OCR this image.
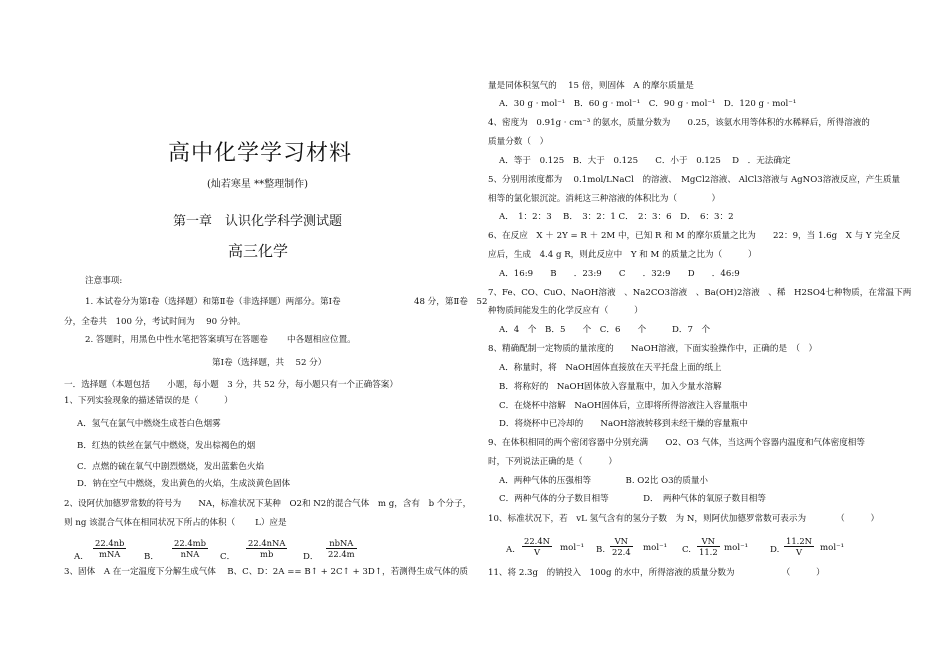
高中化学学习材料
(灿若寒星 **整理制作)
第一章　认识化学科学测试题
高三化学
注意事项:
1. 本试卷分为第Ⅰ卷（选择题）和第Ⅱ卷（非选择题）两部分。第Ⅰ卷	48 分，第Ⅱ卷　52
分，全卷共　100 分，考试时间为　 90 分钟。
2. 答题时，用黑色中性水笔把答案填写在答题卷 中各题相应位置。
第Ⅰ卷（选择题，共　 52 分）
一．选择题（本题包括　　小题，每小题　3 分，共 52 分，每小题只有一个正确答案）
1、下列实验现象的描述错误的是（　　　）
A．氢气在氯气中燃烧生成苍白色烟雾
B．红热的铁丝在氯气中燃烧，发出棕褐色的烟
C．点燃的硫在氧气中剧烈燃烧，发出蓝紫色火焰
D．钠在空气中燃烧，发出黄色的火焰，生成淡黄色固体
2、设阿伏加德罗常数的符号为　　NA，标准状况下某种　O2和 N2的混合气体　m g，含有　b 个分子，
则 ng 该混合气体在相同状况下所占的体积（　　 L）应是
A.
22.4nb
mNA	B．
22.4mb
nNA	C．
22.4nNA
mb	D．
nbNA
22.4m
3、固体　A 在一定温度下分解生成气体　 B、C、D：2A == B↑ + 2C↑ + 3D↑，若测得生成气体的质
量是同体积氢气的　 15 倍，则固体　A 的摩尔质量是
A．30 g · mol⁻¹　B．60 g · mol⁻¹　C．90 g · mol⁻¹　D．120 g · mol⁻¹
4、密度为　0.91g · cm⁻³ 的氨水，质量分数为　　0.25，该氨水用等体积的水稀释后，所得溶液的
质量分数（　）
A．等于　0.125　B．大于　0.125　　C．小于　0.125　 D　．无法确定
5、分别用浓度都为　 0.1mol/LNaCl　的溶液、　MgCl2溶液、 AlCl3溶液与 AgNO3溶液反应，产生质量
相等的氯化银沉淀。消耗这三种溶液的体积比为（　　　　）
A．　1：2：3　 B．　3：2：1 C．　2：3：6　D．　6：3：2
6、在反应　X ＋ 2Y = R ＋ 2M 中，已知 R 和 M 的摩尔质量之比为　　22：9，当 1.6g　X 与 Y 完全反
应后，生成　4.4 g R，则此反应中　Y 和 M 的质量之比为（　　　）
A．16:9　　B　　．23:9　　C　　．32:9　　D　　．46:9
7、Fe、CO、CuO、NaOH溶液　、Na2CO3溶液　、Ba(OH)2溶液　、稀　H2SO4七种物质，在常温下两
种物质间能发生的化学反应有（　　　）
A．4　个　B．5　　个　C．6　　个　　　D．7　个
8、精确配制一定物质的量浓度的　　NaOH溶液，下面实验操作中，正确的是　（　）
A．称量时，将　NaOH固体直接放在天平托盘上面的纸上
B．将称好的　NaOH固体放入容量瓶中，加入少量水溶解
C．在烧杯中溶解　NaOH固体后，立即将所得溶液注入容量瓶中
D．将烧杯中已冷却的　　NaOH溶液转移到未经干燥的容量瓶中
9、在体积相同的两个密闭容器中分别充满　　O2、O3 气体，当这两个容器内温度和气体密度相等
时，下列说法正确的是（　　　）
A．两种气体的压强相等　　　　B. O2比 O3的质量小
C．两种气体的分子数目相等　　　　D．　两种气体的氧原子数目相等
10、标准状况下，若　vL 氢气含有的氢分子数　为 N，则阿伏加德罗常数可表示为　　　　（　　　）
A. $\frac{22.4N}{V} mol^{-1}$ B. $\frac{VN}{22.4} mol^{-1}$ C. $\frac{VN}{11.2} mol^{-1}$	D. $\frac{11.2N}{V} mol^{-1}$
11、将 2.3g　的钠投入　100g 的水中，所得溶液的质量分数为　　　　　　（　　　）
